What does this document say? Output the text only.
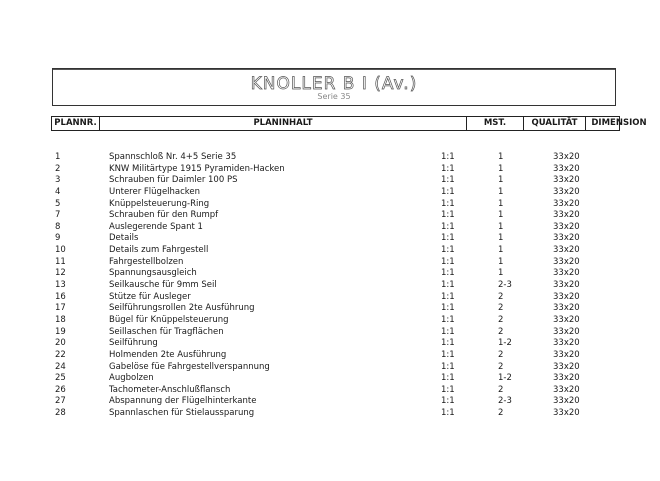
KNOLLER B I (Av.)
Serie 35
PLANNR.	PLANINHALT	MST.	QUALITÄT	DIMENSION
1	Spannschloß Nr. 4+5 Serie 35	1:1	1	33x20
2	KNW Militärtype 1915 Pyramiden-Hacken	1:1	1	33x20
3	Schrauben für Daimler 100 PS	1:1	1	33x20
4	Unterer Flügelhacken	1:1	1	33x20
5	Knüppelsteuerung-Ring	1:1	1	33x20
7	Schrauben für den Rumpf	1:1	1	33x20
8	Auslegerende Spant 1	1:1	1	33x20
9	Details	1:1	1	33x20
10	Details zum Fahrgestell	1:1	1	33x20
11	Fahrgestellbolzen	1:1	1	33x20
12	Spannungsausgleich	1:1	1	33x20
13	Seilkausche für 9mm Seil	1:1	2-3	33x20
16	Stütze für Ausleger	1:1	2	33x20
17	Seilführungsrollen 2te Ausführung	1:1	2	33x20
18	Bügel für Knüppelsteuerung	1:1	2	33x20
19	Seillaschen für Tragflächen	1:1	2	33x20
20	Seilführung	1:1	1-2	33x20
22	Holmenden 2te Ausführung	1:1	2	33x20
24	Gabelöse füe Fahrgestellverspannung	1:1	2	33x20
25	Augbolzen	1:1	1-2	33x20
26	Tachometer-Anschlußflansch	1:1	2	33x20
27	Abspannung der Flügelhinterkante	1:1	2-3	33x20
28	Spannlaschen für Stielaussparung	1:1	2	33x20
